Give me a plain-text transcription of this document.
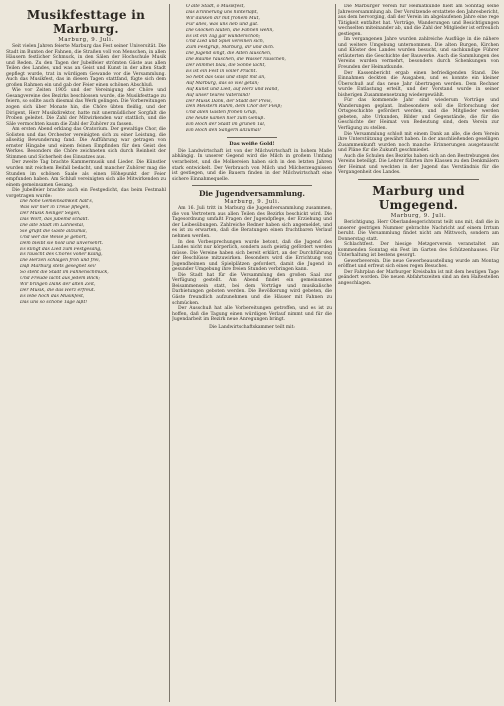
Musikfesttage in Marburg.
Marburg, 9. Juli.

Seit vielen Jahren feierte Marburg das Fest seiner Universität. Die Stadt im Bunten der Fahnen, die Straßen voll von Menschen, in allen Häusern festlicher Schmuck, in den Sälen der Hochschule Musik und Reden. Zu den Tagen der Jubelfeier strömten Gäste aus allen Teilen des Landes, und was an Geist und Kunst in der alten Stadt gepflegt wurde, trat in würdigem Gewande vor die Versammlung. Auch das Musikfest, das in diesen Tagen stattfand, fügte sich dem großen Rahmen ein und gab der Feier einen schönen Abschluß.

Wie vor Zeiten 1905 und der Vereinigung der Chöre und Gesangvereine des Bezirks beschlossen wurde, die Musikfesttage zu feiern, so sollte auch diesmal das Werk gelingen. Die Vorbereitungen zogen sich über Monate hin, die Chöre übten fleißig, und der Dirigent, Herr Musikdirektor, hatte mit unermüdlicher Sorgfalt die Proben geleitet. Die Zahl der Mitwirkenden war stattlich, und die Säle vermochten kaum die Zahl der Zuhörer zu fassen.

Am ersten Abend erklang das Oratorium. Der gewaltige Chor, die Solisten und das Orchester vereinigten sich zu einer Leistung, die allseitig Bewunderung fand. Die Aufführung war getragen von ernster Hingabe und einem feinen Empfinden für den Geist des Werkes. Besonders die Chöre zeichneten sich durch Reinheit der Stimmen und Sicherheit des Einsatzes aus.

Der zweite Tag brachte Kammermusik und Lieder. Die Künstler wurden mit reichem Beifall bedacht, und mancher Zuhörer mag die Stunden im schönen Saale als einen Höhepunkt der Feier empfunden haben. Am Schluß vereinigten sich alle Mitwirkenden zu einem gemeinsamen Gesang.

Die Jubelfeier brachte auch ein Festgedicht, das beim Festmahl vorgetragen wurde:

Die hohe Gemeinsamkeit hält's,
Was wir hier in Treue pflegen,
Der Musik heiliger Segen,
Das Wort, das jubelnd schallt.
Die alte Stadt im Lahnestal,
Sie grüßt die Gäste allzumal,
Und wer die Weise je gehört,
Dem bleibt sie hold und unversehrt.
Es klingt das Lied zum Festgesang,
Es rauscht des Chores voller Klang,
Die Herzen schlagen froh und frei,
Daß Marburg stets gesegnet sei!
So steht die Stadt im Fahnenschmuck,
Und Freude lacht aus jedem Blick;
Wir bringen Dank der alten Zeit,
Der Musik, die das Herz erfreut.
Es lebe hoch das Musikfest,
Das uns so schöne Tage läßt!
O alte Stadt, o Musikfest,
Das Erinnerung uns hinterläßt,
Wir danken dir mit frohem Mut,
Für alles, was uns lieb und gut.
Die Glocken läuten, die Fahnen wehn,
Es ist ein Tag gar wunderschön;
Und Lied und Spiel vereinen sich,
Zum Festgruß, Marburg, dir und dich.
Die Jugend singt, die Alten lauschen,
Die Bäume rauschen, die Wasser rauschen,
Der Himmel blau, die Sonne lacht,
Es ist ein Fest in voller Pracht.
So hebt das Glas und stoßt mit an,
Auf Marburg, das so viel getan;
Auf Kunst und Lied, auf Herz und Hand,
Auf unser teures Vaterland!
Der Musik Dank, der Stadt der Preis,
Den Meistern Ruhm, dem Chor der Fleiß;
Und allen Gästen frohen Gruß,
Die heute kamen hier zum Genuß.
Ein Hoch der Stadt im grünen Tal,
Ein Hoch den Sängern allzumal!
Das weiße Gold!

Die Landwirtschaft ist von der Milchwirtschaft in hohem Maße abhängig. In unserer Gegend wird die Milch in großem Umfang verarbeitet, und die Molkereien haben sich in den letzten Jahren stark entwickelt. Der Verbrauch von Milch und Milcherzeugnissen ist gestiegen, und die Bauern finden in der Milchwirtschaft eine sichere Einnahmequelle.

Die Jugendversammlung.
Marburg, 9. Juli.

Am 16. Juli tritt in Marburg die Jugendversammlung zusammen, die von Vertretern aus allen Teilen des Bezirks beschickt wird. Die Tagesordnung umfaßt Fragen der Jugendpflege, der Erziehung und der Leibesübungen. Zahlreiche Redner haben sich angemeldet, und es ist zu erwarten, daß die Beratungen einen fruchtbaren Verlauf nehmen werden.

In den Vorbesprechungen wurde betont, daß die Jugend des Landes nicht nur körperlich, sondern auch geistig gefördert werden müsse. Die Vereine haben sich bereit erklärt, an der Durchführung der Beschlüsse mitzuwirken. Besonders wird die Errichtung von Jugendheimen und Spielplätzen gefordert, damit die Jugend in gesunder Umgebung ihre freien Stunden verbringen kann.

Die Stadt hat für die Versammlung den großen Saal zur Verfügung gestellt. Am Abend findet ein gemeinsames Beisammensein statt, bei dem Vorträge und musikalische Darbietungen geboten werden. Die Bevölkerung wird gebeten, die Gäste freundlich aufzunehmen und die Häuser mit Fahnen zu schmücken.

Der Ausschuß hat alle Vorbereitungen getroffen, und es ist zu hoffen, daß die Tagung einen würdigen Verlauf nimmt und für die Jugendarbeit im Bezirk neue Anregungen bringt.

Die Landwirtschaftskammer teilt mit:

Die Marburger Verein für Heimatkunde hielt am Sonntag seine Jahresversammlung ab. Der Vorsitzende erstattete den Jahresbericht, aus dem hervorging, daß der Verein im abgelaufenen Jahre eine rege Tätigkeit entfaltet hat. Vorträge, Wanderungen und Besichtigungen wechselten miteinander ab, und die Zahl der Mitglieder ist erfreulich gestiegen.

Im vergangenen Jahre wurden zahlreiche Ausflüge in die nähere und weitere Umgebung unternommen. Die alten Burgen, Kirchen und Klöster des Landes wurden besucht, und sachkundige Führer erläuterten die Geschichte der Bauwerke. Auch die Sammlungen des Vereins wurden vermehrt, besonders durch Schenkungen von Freunden der Heimatkunde.

Der Kassenbericht ergab einen befriedigenden Stand. Die Einnahmen deckten die Ausgaben, und es konnte ein kleiner Überschuß auf das neue Jahr übertragen werden. Dem Rechner wurde Entlastung erteilt, und der Vorstand wurde in seiner bisherigen Zusammensetzung wiedergewählt.

Für das kommende Jahr sind wiederum Vorträge und Wanderungen geplant. Insbesondere soll die Erforschung der Ortsgeschichte gefördert werden, und die Mitglieder werden gebeten, alte Urkunden, Bilder und Gegenstände, die für die Geschichte der Heimat von Bedeutung sind, dem Verein zur Verfügung zu stellen.

Die Versammlung schloß mit einem Dank an alle, die dem Verein ihre Unterstützung gewährt haben. In der anschließenden geselligen Zusammenkunft wurden noch manche Erinnerungen ausgetauscht und Pläne für die Zukunft geschmiedet.

Auch die Schulen des Bezirks haben sich an den Bestrebungen des Vereins beteiligt. Die Lehrer führten ihre Klassen zu den Denkmälern der Heimat und weckten in der Jugend das Verständnis für die Vergangenheit des Landes.

Marburg und Umgegend.
Marburg, 9. Juli.

Berichtigung. Herr Oberlandesgerichtsrat teilt uns mit, daß die in unserer gestrigen Nummer gebrachte Nachricht auf einem Irrtum beruht. Die Versammlung findet nicht am Mittwoch, sondern am Donnerstag statt.

Schlachtfest. Der hiesige Metzgerverein veranstaltet am kommenden Sonntag ein Fest im Garten des Schützenhauses. Für Unterhaltung ist bestens gesorgt.

Gewerbeverein. Die neue Gewerbeausstellung wurde am Montag eröffnet und erfreut sich eines regen Besuches.

Der Fahrplan der Marburger Kreisbahn ist mit dem heutigen Tage geändert worden. Die neuen Abfahrtszeiten sind an den Haltestellen angeschlagen.
